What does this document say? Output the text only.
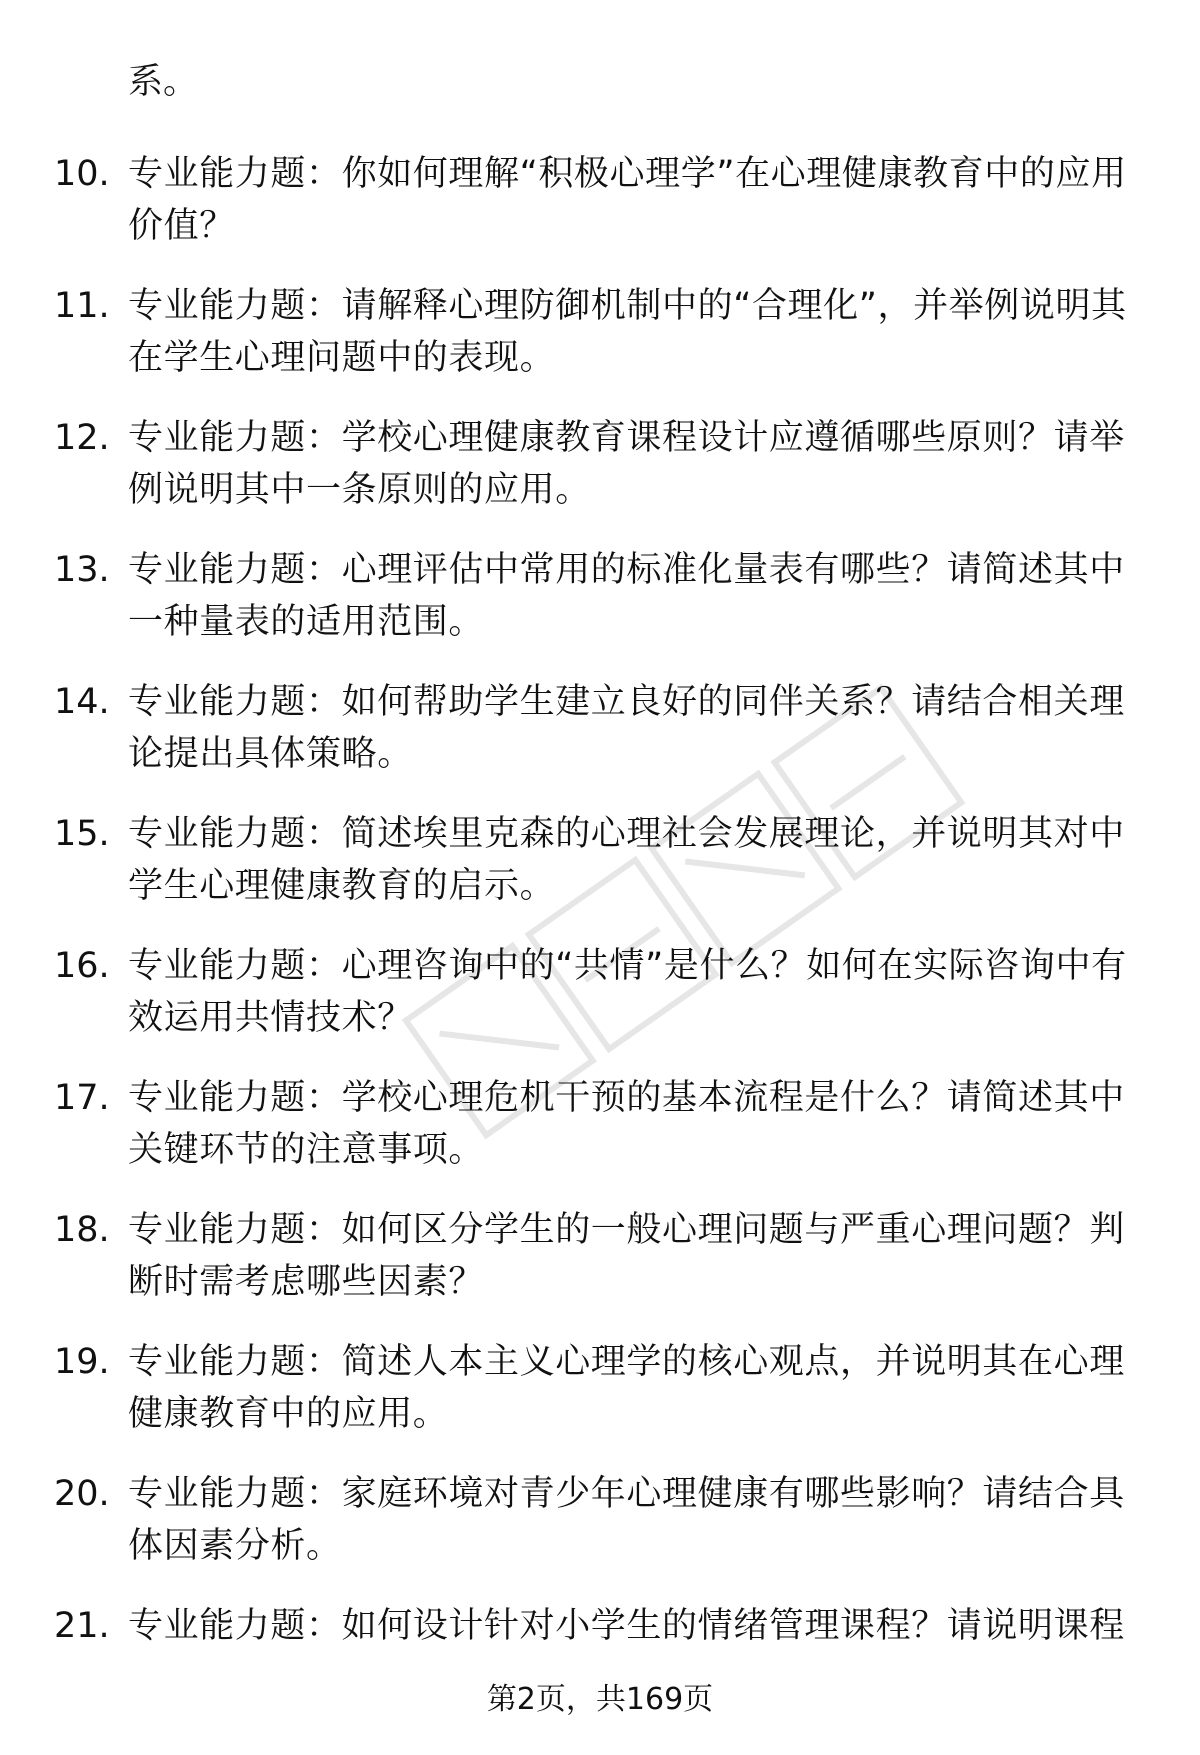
系。
10. 专业能力题：你如何理解“积极心理学”在心理健康教育中的应用价值？
11. 专业能力题：请解释心理防御机制中的“合理化”，并举例说明其在学生心理问题中的表现。
12. 专业能力题：学校心理健康教育课程设计应遵循哪些原则？请举例说明其中一条原则的应用。
13. 专业能力题：心理评估中常用的标准化量表有哪些？请简述其中一种量表的适用范围。
14. 专业能力题：如何帮助学生建立良好的同伴关系？请结合相关理论提出具体策略。
15. 专业能力题：简述埃里克森的心理社会发展理论，并说明其对中学生心理健康教育的启示。
16. 专业能力题：心理咨询中的“共情”是什么？如何在实际咨询中有效运用共情技术？
17. 专业能力题：学校心理危机干预的基本流程是什么？请简述其中关键环节的注意事项。
18. 专业能力题：如何区分学生的一般心理问题与严重心理问题？判断时需考虑哪些因素？
19. 专业能力题：简述人本主义心理学的核心观点，并说明其在心理健康教育中的应用。
20. 专业能力题：家庭环境对青少年心理健康有哪些影响？请结合具体因素分析。
21. 专业能力题：如何设计针对小学生的情绪管理课程？请说明课程
第2页，共169页
